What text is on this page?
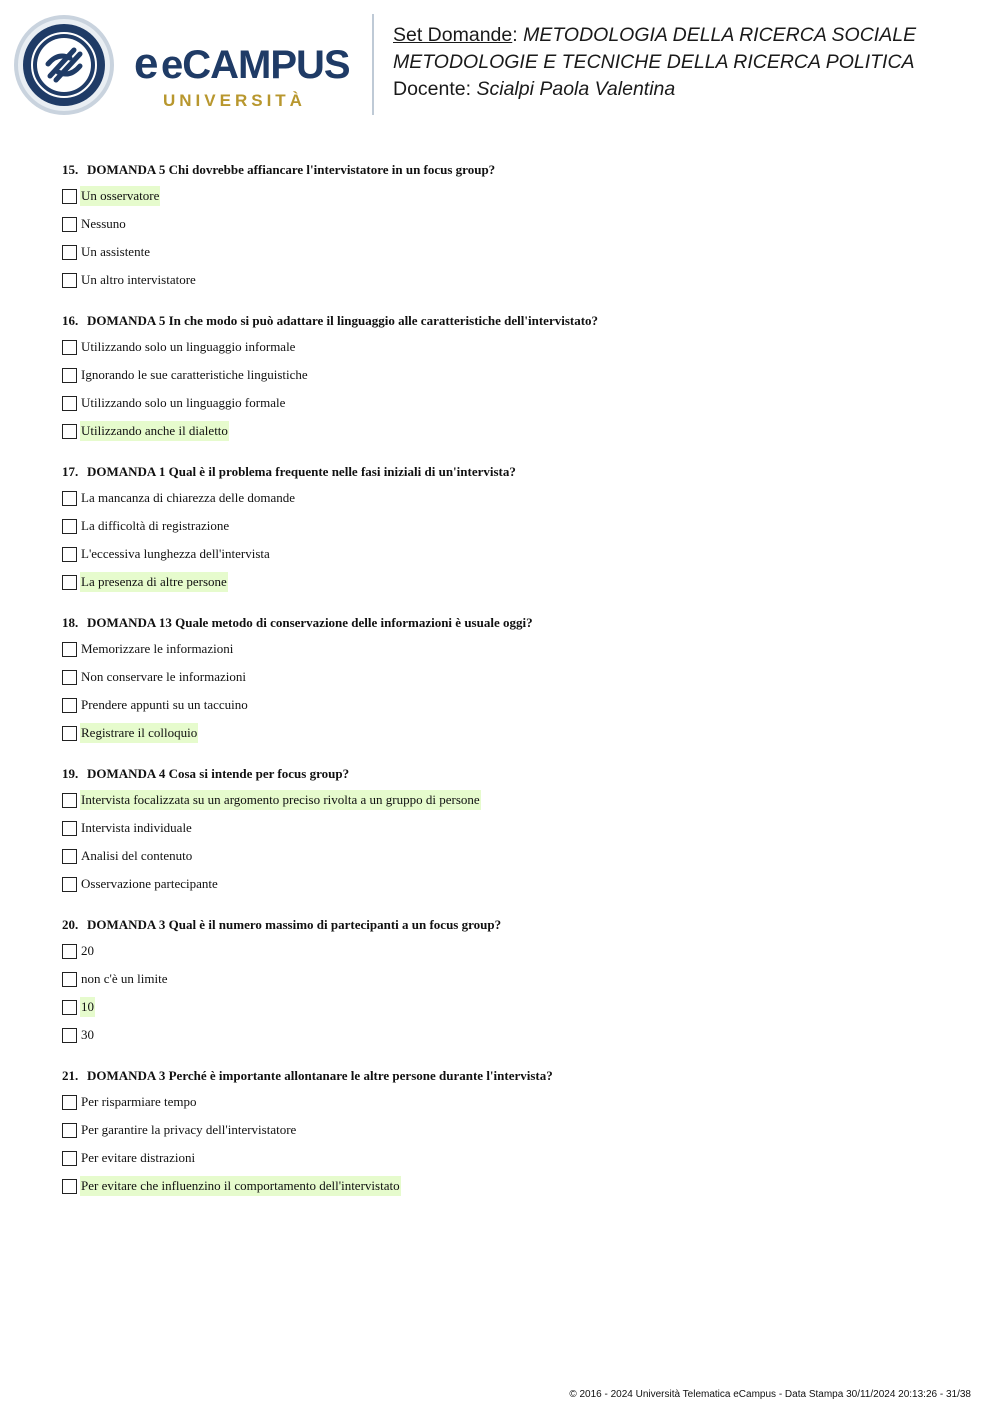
e eCAMPUS
UNIVERSITÀ
Set Domande: METODOLOGIA DELLA RICERCA SOCIALE
METODOLOGIE E TECNICHE DELLA RICERCA POLITICA
Docente: Scialpi Paola Valentina
15. DOMANDA 5 Chi dovrebbe affiancare l'intervistatore in un focus group?
Un osservatore
Nessuno
Un assistente
Un altro intervistatore
16. DOMANDA 5 In che modo si può adattare il linguaggio alle caratteristiche dell'intervistato?
Utilizzando solo un linguaggio informale
Ignorando le sue caratteristiche linguistiche
Utilizzando solo un linguaggio formale
Utilizzando anche il dialetto
17. DOMANDA 1 Qual è il problema frequente nelle fasi iniziali di un'intervista?
La mancanza di chiarezza delle domande
La difficoltà di registrazione
L'eccessiva lunghezza dell'intervista
La presenza di altre persone
18. DOMANDA 13 Quale metodo di conservazione delle informazioni è usuale oggi?
Memorizzare le informazioni
Non conservare le informazioni
Prendere appunti su un taccuino
Registrare il colloquio
19. DOMANDA 4 Cosa si intende per focus group?
Intervista focalizzata su un argomento preciso rivolta a un gruppo di persone
Intervista individuale
Analisi del contenuto
Osservazione partecipante
20. DOMANDA 3 Qual è il numero massimo di partecipanti a un focus group?
20
non c'è un limite
10
30
21. DOMANDA 3 Perché è importante allontanare le altre persone durante l'intervista?
Per risparmiare tempo
Per garantire la privacy dell'intervistatore
Per evitare distrazioni
Per evitare che influenzino il comportamento dell'intervistato
© 2016 - 2024 Università Telematica eCampus - Data Stampa 30/11/2024 20:13:26 - 31/38
